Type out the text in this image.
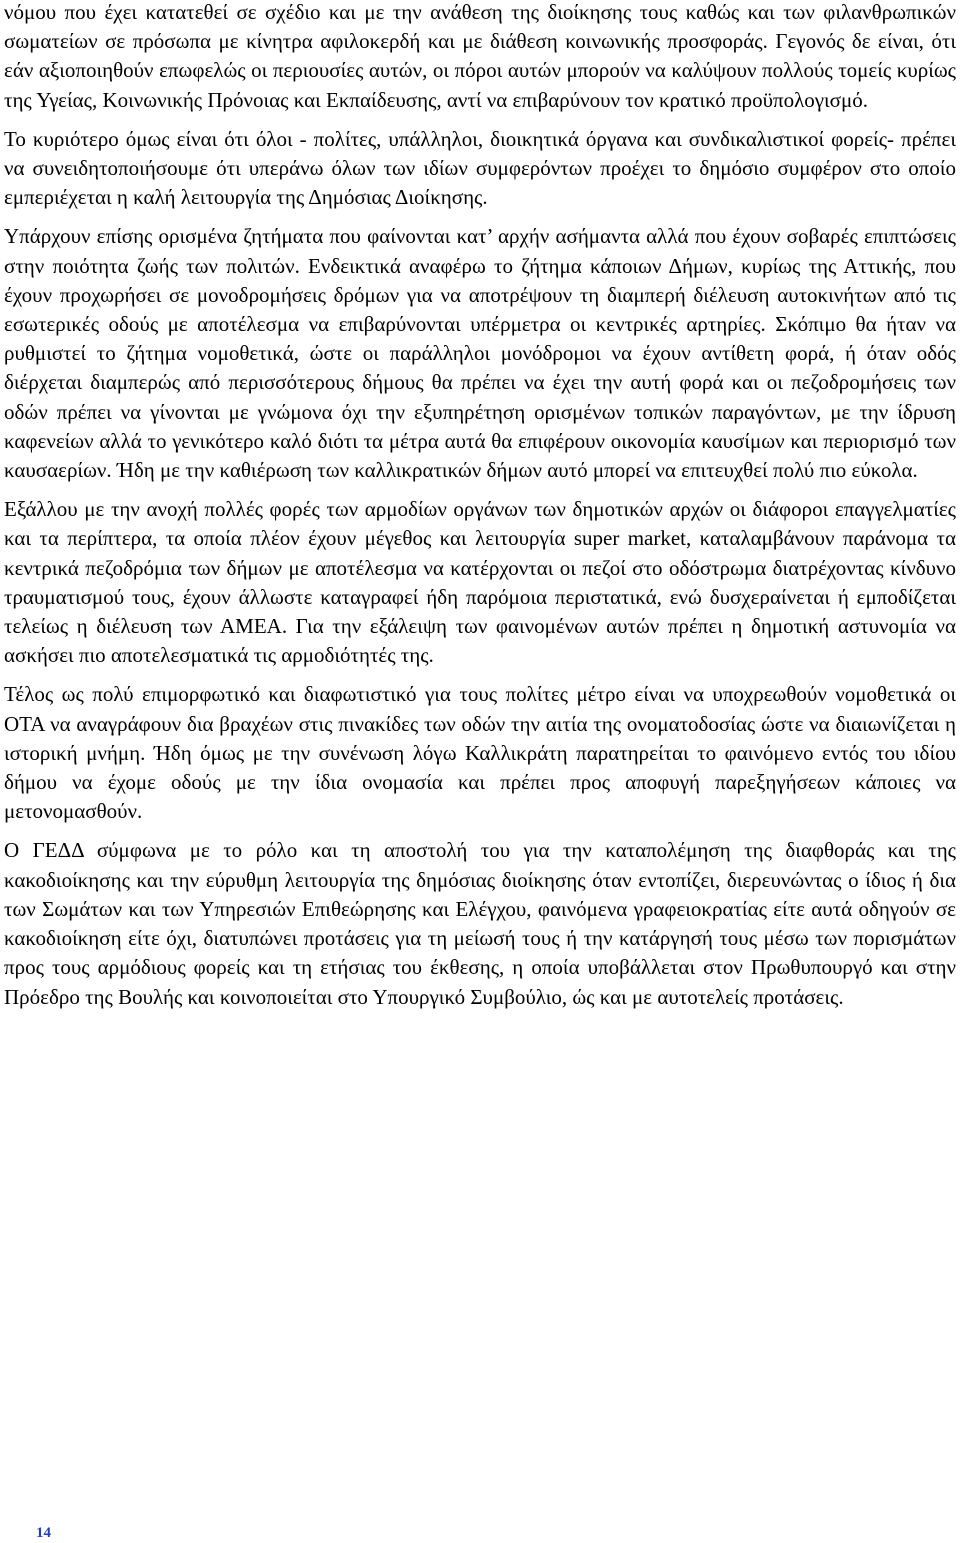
νόμου που έχει κατατεθεί σε σχέδιο και με την ανάθεση της διοίκησης τους καθώς και των φιλανθρωπικών σωματείων σε πρόσωπα με κίνητρα αφιλοκερδή και με διάθεση κοινωνικής προσφοράς. Γεγονός δε είναι, ότι εάν αξιοποιηθούν επωφελώς οι περιουσίες αυτών, οι πόροι αυτών μπορούν να καλύψουν πολλούς τομείς κυρίως της Υγείας, Κοινωνικής Πρόνοιας και Εκπαίδευσης, αντί να επιβαρύνουν τον κρατικό προϋπολογισμό.

Το κυριότερο όμως είναι ότι όλοι - πολίτες, υπάλληλοι, διοικητικά όργανα και συνδικαλιστικοί φορείς- πρέπει να συνειδητοποιήσουμε ότι υπεράνω όλων των ιδίων συμφερόντων προέχει το δημόσιο συμφέρον στο οποίο εμπεριέχεται η καλή λειτουργία της Δημόσιας Διοίκησης.

Υπάρχουν επίσης ορισμένα ζητήματα που φαίνονται κατ’ αρχήν ασήμαντα αλλά που έχουν σοβαρές επιπτώσεις στην ποιότητα ζωής των πολιτών. Ενδεικτικά αναφέρω το ζήτημα κάποιων Δήμων, κυρίως της Αττικής, που έχουν προχωρήσει σε μονοδρομήσεις δρόμων για να αποτρέψουν τη διαμπερή διέλευση αυτοκινήτων από τις εσωτερικές οδούς με αποτέλεσμα να επιβαρύνονται υπέρμετρα οι κεντρικές αρτηρίες. Σκόπιμο θα ήταν να ρυθμιστεί το ζήτημα νομοθετικά, ώστε οι παράλληλοι μονόδρομοι να έχουν αντίθετη φορά, ή όταν οδός διέρχεται διαμπερώς από περισσότερους δήμους θα πρέπει να έχει την αυτή φορά και οι πεζοδρομήσεις των οδών πρέπει να γίνονται με γνώμονα όχι την εξυπηρέτηση ορισμένων τοπικών παραγόντων, με την ίδρυση καφενείων αλλά το γενικότερο καλό διότι τα μέτρα αυτά θα επιφέρουν οικονομία καυσίμων και περιορισμό των καυσαερίων. Ήδη με την καθιέρωση των καλλικρατικών δήμων αυτό μπορεί να επιτευχθεί πολύ πιο εύκολα.

Εξάλλου με την ανοχή πολλές φορές των αρμοδίων οργάνων των δημοτικών αρχών οι διάφοροι επαγγελματίες και τα περίπτερα, τα οποία πλέον έχουν μέγεθος και λειτουργία super market, καταλαμβάνουν παράνομα τα κεντρικά πεζοδρόμια των δήμων με αποτέλεσμα να κατέρχονται οι πεζοί στο οδόστρωμα διατρέχοντας κίνδυνο τραυματισμού τους, έχουν άλλωστε καταγραφεί ήδη παρόμοια περιστατικά, ενώ δυσχεραίνεται ή εμποδίζεται τελείως η διέλευση των ΑΜΕΑ. Για την εξάλειψη των φαινομένων αυτών πρέπει η δημοτική αστυνομία να ασκήσει πιο αποτελεσματικά τις αρμοδιότητές της.

Τέλος ως πολύ επιμορφωτικό και διαφωτιστικό για τους πολίτες μέτρο είναι να υποχρεωθούν νομοθετικά οι ΟΤΑ να αναγράφουν δια βραχέων στις πινακίδες των οδών την αιτία της ονοματοδοσίας ώστε να διαιωνίζεται η ιστορική μνήμη. Ήδη όμως με την συνένωση λόγω Καλλικράτη παρατηρείται το φαινόμενο εντός του ιδίου δήμου να έχομε οδούς με την ίδια ονομασία και πρέπει προς αποφυγή παρεξηγήσεων κάποιες να μετονομασθούν.

Ο ΓΕΔΔ σύμφωνα με το ρόλο και τη αποστολή του για την καταπολέμηση της διαφθοράς και της κακοδιοίκησης και την εύρυθμη λειτουργία της δημόσιας διοίκησης όταν εντοπίζει, διερευνώντας ο ίδιος ή δια των Σωμάτων και των Υπηρεσιών Επιθεώρησης και Ελέγχου, φαινόμενα γραφειοκρατίας είτε αυτά οδηγούν σε κακοδιοίκηση είτε όχι, διατυπώνει προτάσεις για τη μείωσή τους ή την κατάργησή τους μέσω των πορισμάτων προς τους αρμόδιους φορείς και τη ετήσιας του έκθεσης, η οποία υποβάλλεται στον Πρωθυπουργό και στην Πρόεδρο της Βουλής και κοινοποιείται στο Υπουργικό Συμβούλιο, ώς και με αυτοτελείς προτάσεις.

14
